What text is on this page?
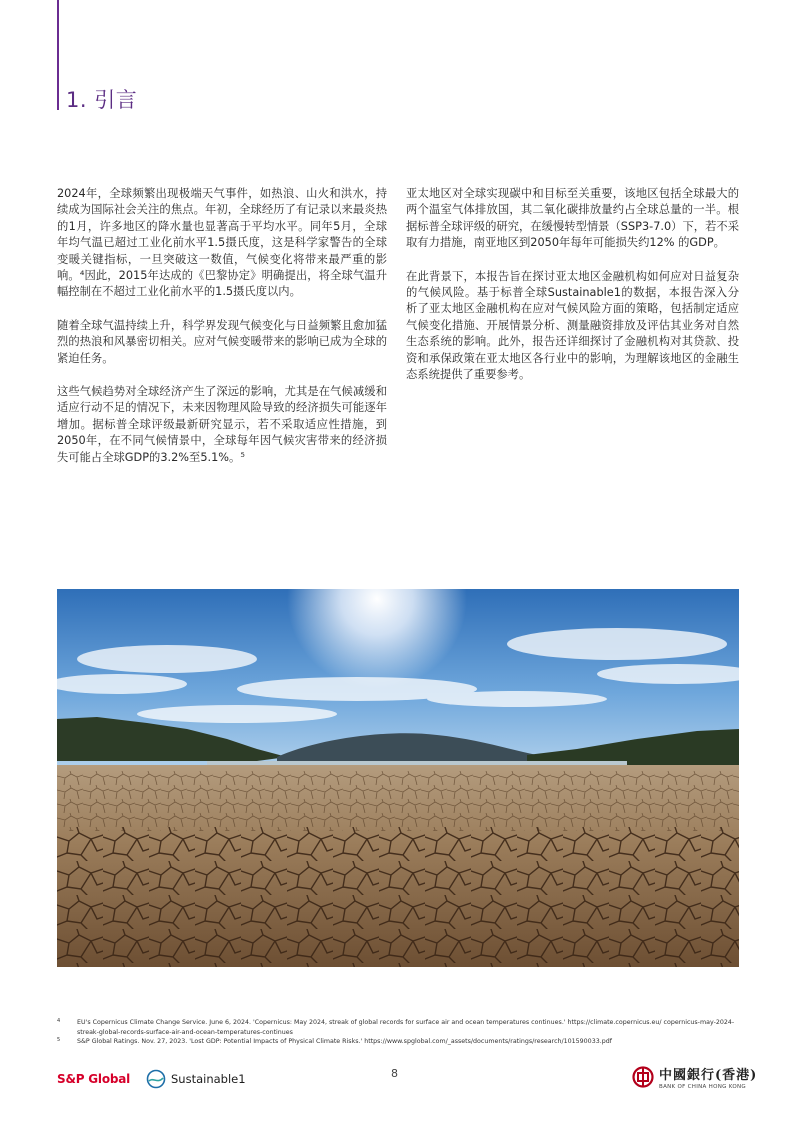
1. 引言

2024年，全球频繁出现极端天气事件，如热浪、山火和洪水，持续成为国际社会关注的焦点。年初，全球经历了有记录以来最炎热的1月，许多地区的降水量也显著高于平均水平。同年5月，全球年均气温已超过工业化前水平1.5摄氏度，这是科学家警告的全球变暖关键指标，一旦突破这一数值，气候变化将带来最严重的影响。⁴因此，2015年达成的《巴黎协定》明确提出，将全球气温升幅控制在不超过工业化前水平的1.5摄氏度以内。

随着全球气温持续上升，科学界发现气候变化与日益频繁且愈加猛烈的热浪和风暴密切相关。应对气候变暖带来的影响已成为全球的紧迫任务。

这些气候趋势对全球经济产生了深远的影响，尤其是在气候减缓和适应行动不足的情况下，未来因物理风险导致的经济损失可能逐年增加。据标普全球评级最新研究显示，若不采取适应性措施，到2050年，在不同气候情景中，全球每年因气候灾害带来的经济损失可能占全球GDP的3.2%至5.1%。⁵

亚太地区对全球实现碳中和目标至关重要，该地区包括全球最大的两个温室气体排放国，其二氧化碳排放量约占全球总量的一半。根据标普全球评级的研究，在缓慢转型情景（SSP3-7.0）下，若不采取有力措施，南亚地区到2050年每年可能损失约12% 的GDP。

在此背景下，本报告旨在探讨亚太地区金融机构如何应对日益复杂的气候风险。基于标普全球Sustainable1的数据，本报告深入分析了亚太地区金融机构在应对气候风险方面的策略，包括制定适应气候变化措施、开展情景分析、测量融资排放及评估其业务对自然生态系统的影响。此外，报告还详细探讨了金融机构对其贷款、投资和承保政策在亚太地区各行业中的影响，为理解该地区的金融生态系统提供了重要参考。

4	EU's Copernicus Climate Change Service. June 6, 2024. 'Copernicus: May 2024, streak of global records for surface air and ocean temperatures continues.' https://climate.copernicus.eu/ copernicus-may-2024-streak-global-records-surface-air-and-ocean-temperatures-continues
5	S&P Global Ratings. Nov. 27, 2023. 'Lost GDP: Potential Impacts of Physical Climate Risks.' https://www.spglobal.com/_assets/documents/ratings/research/101590033.pdf
S&P Global	Sustainable1	8	中國銀行(香港)
BANK OF CHINA HONG KONG
